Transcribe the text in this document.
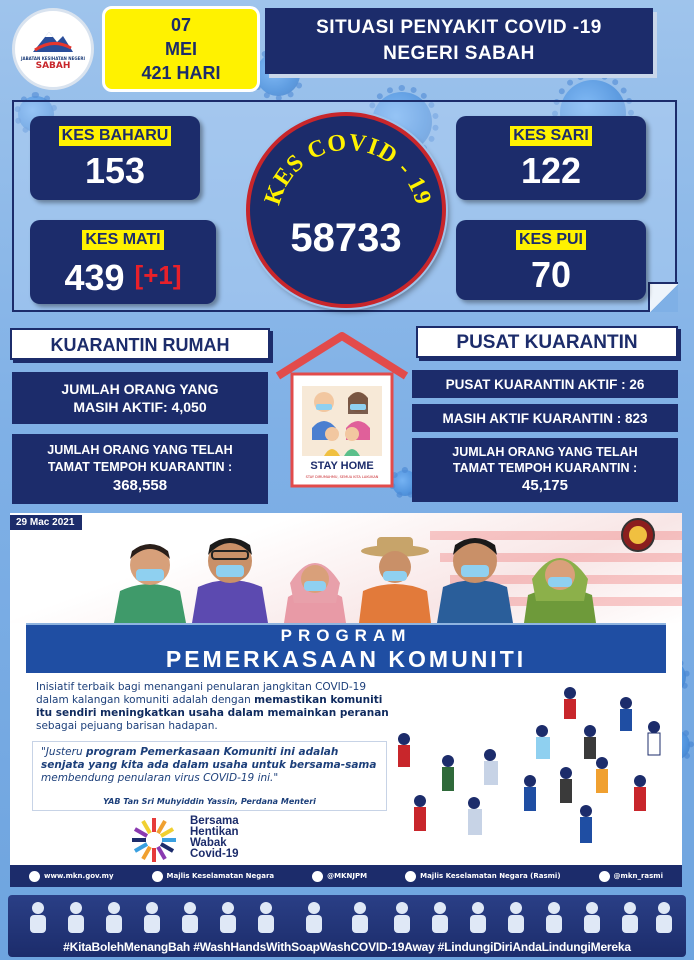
JABATAN KESIHATAN NEGERI
SABAH
07
MEI
421 HARI
SITUASI PENYAKIT COVID -19
NEGERI SABAH
KES BAHARU
153
KES MATI
439 [+1]
KES COVID - 19
58733
KES SARI
122
KES PUI
70
KUARANTIN RUMAH
JUMLAH ORANG YANG
MASIH AKTIF: 4,050
JUMLAH ORANG YANG TELAH
TAMAT TEMPOH KUARANTIN :
368,558
STAY HOME
STAY DIRUMAHMU, SEMUA KITA LAKUKAN
PUSAT KUARANTIN
PUSAT KUARANTIN AKTIF : 26
MASIH AKTIF KUARANTIN : 823
JUMLAH ORANG YANG TELAH
TAMAT TEMPOH KUARANTIN :
45,175
29 Mac 2021
PROGRAM
PEMERKASAAN KOMUNITI
Inisiatif terbaik bagi menangani penularan jangkitan COVID-19 dalam kalangan komuniti adalah dengan memastikan komuniti itu sendiri meningkatkan usaha dalam memainkan peranan sebagai pejuang barisan hadapan.
"Justeru program Pemerkasaan Komuniti ini adalah senjata yang kita ada dalam usaha untuk bersama-sama membendung penularan virus COVID-19 ini."
YAB Tan Sri Muhyiddin Yassin, Perdana Menteri
Bersama
Hentikan
Wabak
Covid-19
www.mkn.gov.my	Majlis Keselamatan Negara	@MKNJPM	Majlis Keselamatan Negara (Rasmi)	@mkn_rasmi
#KitaBolehMenangBah #WashHandsWithSoapWashCOVID-19Away #LindungiDiriAndaLindungiMereka
